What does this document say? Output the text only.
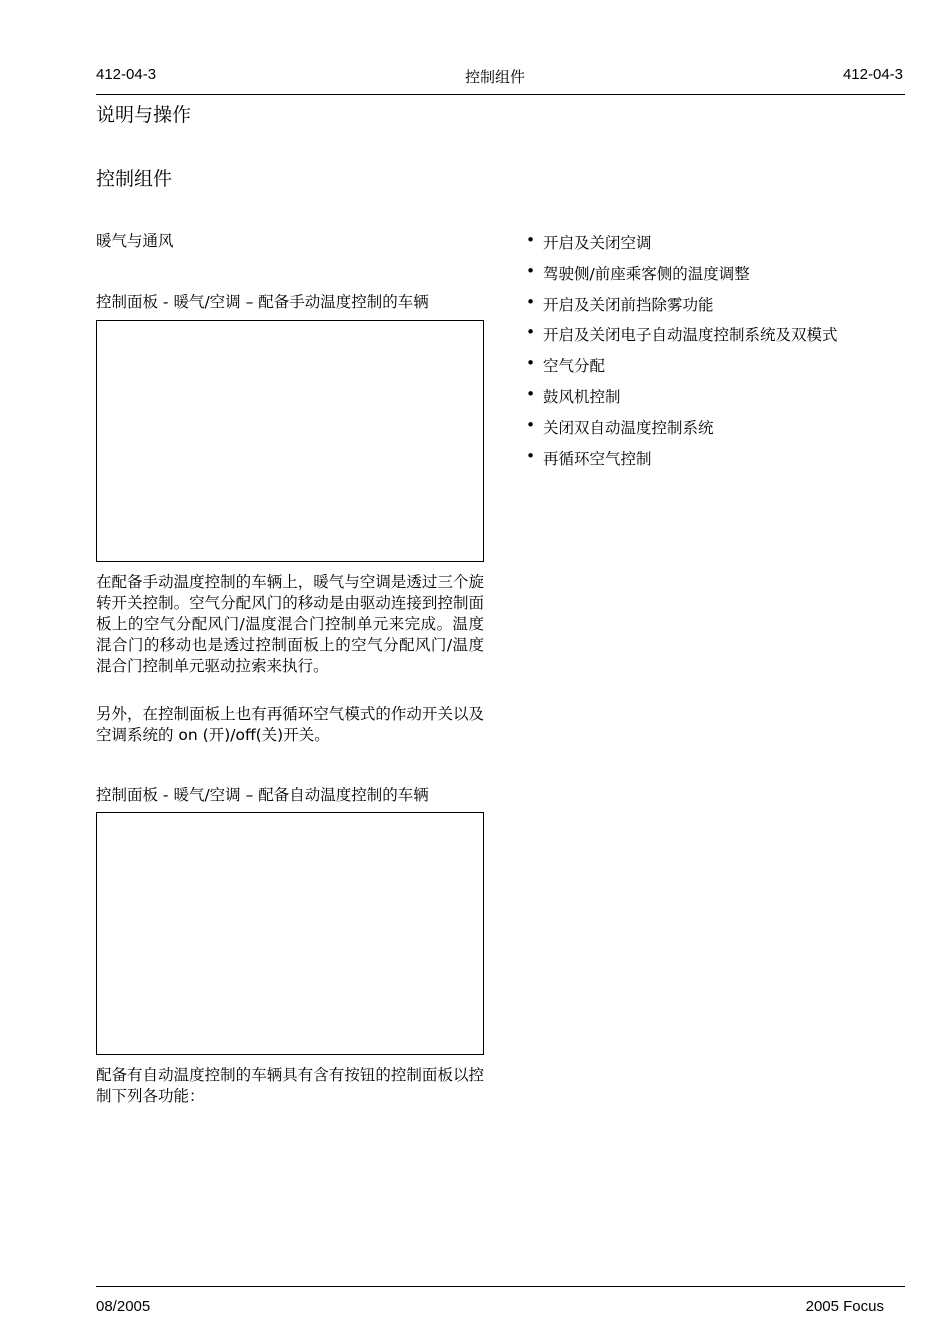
412-04-3	控制组件	412-04-3
说明与操作
控制组件
暖气与通风
控制面板 - 暖气/空调 – 配备手动温度控制的车辆
在配备手动温度控制的车辆上，暖气与空调是透过三个旋转开关控制。空气分配风门的移动是由驱动连接到控制面板上的空气分配风门/温度混合门控制单元来完成。温度混合门的移动也是透过控制面板上的空气分配风门/温度混合门控制单元驱动拉索来执行。
另外，在控制面板上也有再循环空气模式的作动开关以及空调系统的 on (开)/off(关)开关。
控制面板 - 暖气/空调 – 配备自动温度控制的车辆
配备有自动温度控制的车辆具有含有按钮的控制面板以控制下列各功能：
• 开启及关闭空调
• 驾驶侧/前座乘客侧的温度调整
• 开启及关闭前挡除雾功能
• 开启及关闭电子自动温度控制系统及双模式
• 空气分配
• 鼓风机控制
• 关闭双自动温度控制系统
• 再循环空气控制
08/2005	2005 Focus
